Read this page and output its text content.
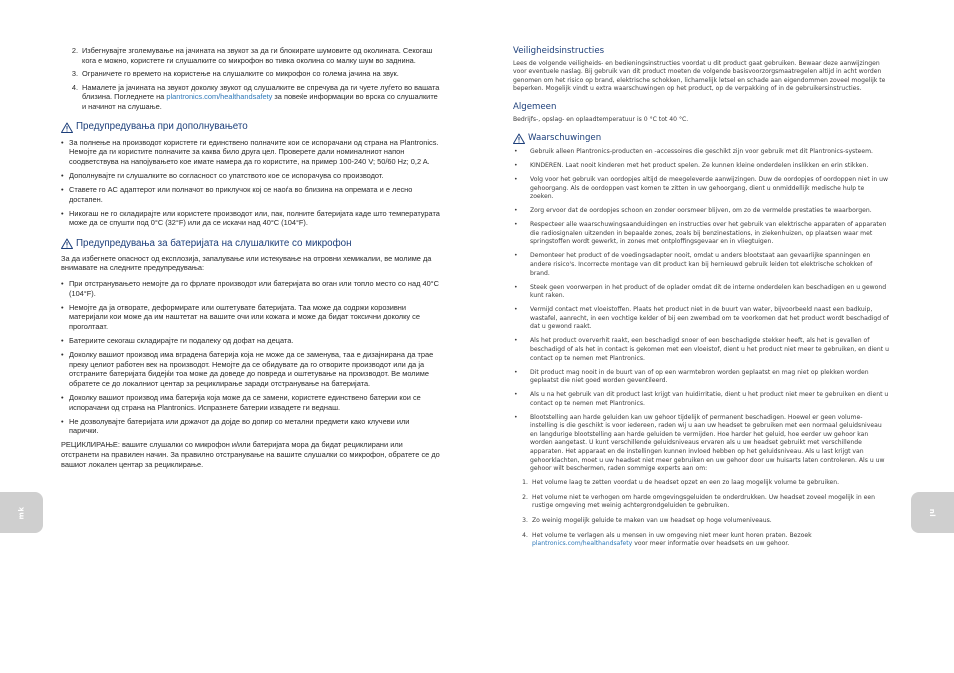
2. Избегнувајте зголемување на јачината на звукот за да ги блокирате шумовите од околината. Секогаш кога е можно, користете ги слушалките со микрофон во тивка околина со малку шум во заднина.
3. Ограничете го времето на користење на слушалките со микрофон со голема јачина на звук.
4. Намалете ја јачината на звукот доколку звукот од слушалките ве спречува да ги чуете луѓето во вашата близина. Погледнете на plantronics.com/healthandsafety за повеќе информации во врска со слушалките и начинот на слушање.
Предупредувања при дополнувањето
• За полнење на производот користете ги единствено полначите кои се испорачани од страна на Plantronics. Немојте да ги користите полначите за каква било друга цел. Проверете дали номиналниот напон соодветствува на напојувањето кое имате намера да го користите, на пример 100-240 V; 50/60 Hz; 0,2 A.
• Дополнувајте ги слушалките во согласност со упатството кое се испорачува со производот.
• Ставете го AC адаптерот или полначот во приклучок кој се наоѓа во близина на опремата и е лесно достапен.
• Никогаш не го складирајте или користете производот или, пак, полните батеријата каде што температурата може да се спушти под 0°C (32°F) или да се искачи над 40°C (104°F).
Предупредувања за батеријата на слушалките со микрофон

За да избегнете опасност од експлозија, запалување или истекување на отровни хемикалии, ве молиме да внимавате на следните предупредувања:

• При отстранувањето немојте да го фрлате производот или батеријата во оган или топло место со над 40°C (104°F).
• Немојте да ја отворате, деформирате или оштетувате батеријата. Таа може да содржи корозивни материјали кои може да им наштетат на вашите очи или кожата и може да бидат токсични доколку се проголтаат.
• Батериите секогаш складирајте ги подалеку од дофат на децата.
• Доколку вашиот производ има вградена батерија која не може да се заменува, таа е дизајнирана да трае преку целиот работен век на производот. Немојте да се обидувате да го отворите производот или да ја отстраните батеријата бидејќи тоа може да доведе до повреда и оштетување на производот. Ве молиме обратете се до локалниот центар за рециклирање заради отстранување на батеријата.
• Доколку вашиот производ има батерија која може да се замени, користете единствено батерии кои се испорачани од страна на Plantronics. Испразнете батерии извадете ги веднаш.
• Не дозволувајте батеријата или држачот да дојде во допир со метални предмети како клучеви или парички.

РЕЦИКЛИРАЊЕ: вашите слушалки со микрофон и/или батеријата мора да бидат рециклирани или отстранети на правилен начин. За правилно отстранување на вашите слушалки со микрофон, обратете се до вашиот локален центар за рециклирање.

mk
Veiligheidsinstructies

Lees de volgende veiligheids- en bedieningsinstructies voordat u dit product gaat gebruiken. Bewaar deze aanwijzingen voor eventuele naslag. Bij gebruik van dit product moeten de volgende basisvoorzorgsmaatregelen altijd in acht worden genomen om het risico op brand, elektrische schokken, lichamelijk letsel en schade aan eigendommen zoveel mogelijk te beperken. Mogelijk vindt u extra waarschuwingen op het product, op de verpakking of in de gebruikersinstructies.

Algemeen

Bedrijfs-, opslag- en oplaadtemperatuur is 0 °C tot 40 °C.

Waarschuwingen
•	Gebruik alleen Plantronics-producten en -accessoires die geschikt zijn voor gebruik met dit Plantronics-systeem.
•	KINDEREN. Laat nooit kinderen met het product spelen. Ze kunnen kleine onderdelen inslikken en erin stikken.
•	Volg voor het gebruik van oordopjes altijd de meegeleverde aanwijzingen. Duw de oordopjes of oordoppen niet in uw gehoorgang. Als de oordoppen vast komen te zitten in uw gehoorgang, dient u onmiddellijk medische hulp te zoeken.
•	Zorg ervoor dat de oordopjes schoon en zonder oorsmeer blijven, om zo de vermelde prestaties te waarborgen.
•	Respecteer alle waarschuwingsaanduidingen en instructies over het gebruik van elektrische apparaten of apparaten die radiosignalen uitzenden in bepaalde zones, zoals bij benzinestations, in ziekenhuizen, op plaatsen waar met springstoffen wordt gewerkt, in zones met ontploffingsgevaar en in vliegtuigen.
•	Demonteer het product of de voedingsadapter nooit, omdat u anders blootstaat aan gevaarlijke spanningen en andere risico's. Incorrecte montage van dit product kan bij hernieuwd gebruik leiden tot elektrische schokken of brand.
•	Steek geen voorwerpen in het product of de oplader omdat dit de interne onderdelen kan beschadigen en u gewond kunt raken.
•	Vermijd contact met vloeistoffen. Plaats het product niet in de buurt van water, bijvoorbeeld naast een badkuip, wastafel, aanrecht, in een vochtige kelder of bij een zwembad om te voorkomen dat het product wordt beschadigd of dat u gewond raakt.
•	Als het product oververhit raakt, een beschadigd snoer of een beschadigde stekker heeft, als het is gevallen of beschadigd of als het in contact is gekomen met een vloeistof, dient u het product niet meer te gebruiken, en dient u contact op te nemen met Plantronics.
•	Dit product mag nooit in de buurt van of op een warmtebron worden geplaatst en mag niet op plekken worden geplaatst die niet goed worden geventileerd.
•	Als u na het gebruik van dit product last krijgt van huidirritatie, dient u het product niet meer te gebruiken en dient u contact op te nemen met Plantronics.
•	Blootstelling aan harde geluiden kan uw gehoor tijdelijk of permanent beschadigen. Hoewel er geen volume-instelling is die geschikt is voor iedereen, raden wij u aan uw headset te gebruiken met een normaal geluidsniveau en langdurige blootstelling aan harde geluiden te vermijden. Hoe harder het geluid, hoe eerder uw gehoor kan worden aangetast. U kunt verschillende geluidsniveaus ervaren als u uw headset gebruikt met verschillende apparaten. Het apparaat en de instellingen kunnen invloed hebben op het geluidsniveau. Als u last krijgt van gehoorklachten, moet u uw headset niet meer gebruiken en uw gehoor door uw huisarts laten controleren. Als u uw gehoor wilt beschermen, raden sommige experts aan om:
1. Het volume laag te zetten voordat u de headset opzet en een zo laag mogelijk volume te gebruiken.
2. Het volume niet te verhogen om harde omgevingsgeluiden te onderdrukken. Uw headset zoveel mogelijk in een rustige omgeving met weinig achtergrondgeluiden te gebruiken.
3. Zo weinig mogelijk geluide te maken van uw headset op hoge volumeniveaus.
4. Het volume te verlagen als u mensen in uw omgeving niet meer kunt horen praten. Bezoek plantronics.com/healthandsafety voor meer informatie over headsets en uw gehoor.
nl
